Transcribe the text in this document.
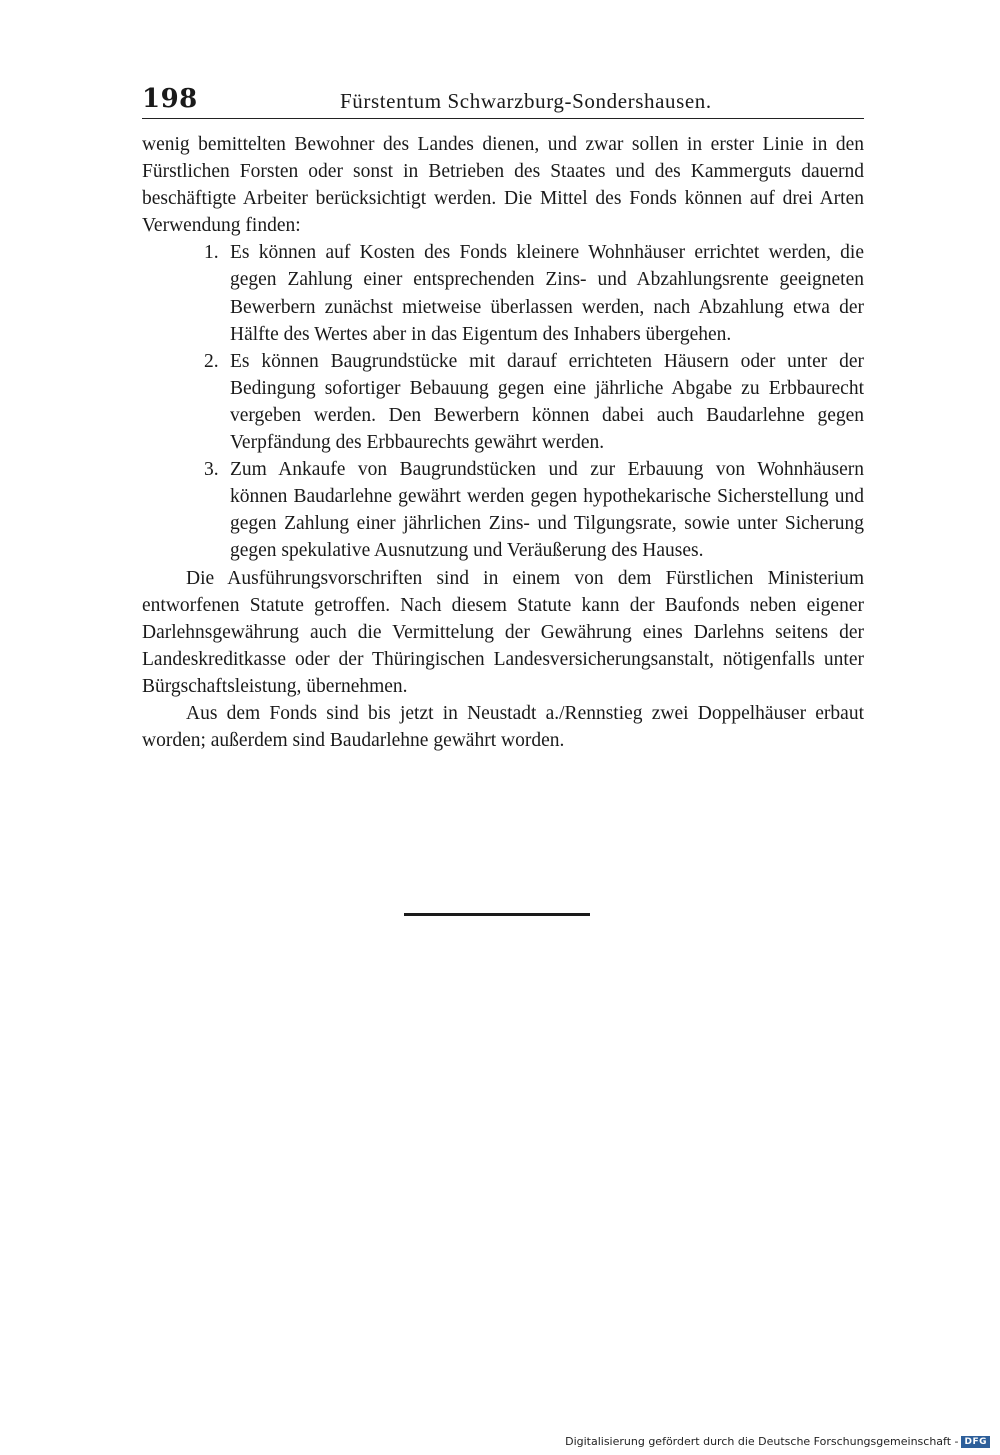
198	Fürstentum Schwarzburg-Sondershausen.

wenig bemittelten Bewohner des Landes dienen, und zwar sollen in erster Linie in den Fürstlichen Forsten oder sonst in Betrieben des Staates und des Kammerguts dauernd beschäftigte Arbeiter berücksichtigt werden. Die Mittel des Fonds können auf drei Arten Verwendung finden:

1. Es können auf Kosten des Fonds kleinere Wohnhäuser errichtet werden, die gegen Zahlung einer entsprechenden Zins- und Abzahlungsrente geeigneten Bewerbern zunächst mietweise überlassen werden, nach Abzahlung etwa der Hälfte des Wertes aber in das Eigentum des Inhabers übergehen.
2. Es können Baugrundstücke mit darauf errichteten Häusern oder unter der Bedingung sofortiger Bebauung gegen eine jährliche Abgabe zu Erbbaurecht vergeben werden. Den Bewerbern können dabei auch Baudarlehne gegen Verpfändung des Erbbaurechts gewährt werden.
3. Zum Ankaufe von Baugrundstücken und zur Erbauung von Wohnhäusern können Baudarlehne gewährt werden gegen hypothekarische Sicherstellung und gegen Zahlung einer jährlichen Zins- und Tilgungsrate, sowie unter Sicherung gegen spekulative Ausnutzung und Veräußerung des Hauses.

Die Ausführungsvorschriften sind in einem von dem Fürstlichen Ministerium entworfenen Statute getroffen. Nach diesem Statute kann der Baufonds neben eigener Darlehnsgewährung auch die Vermittelung der Gewährung eines Darlehns seitens der Landeskreditkasse oder der Thüringischen Landesversicherungsanstalt, nötigenfalls unter Bürgschaftsleistung, übernehmen.

Aus dem Fonds sind bis jetzt in Neustadt a./Rennstieg zwei Doppelhäuser erbaut worden; außerdem sind Baudarlehne gewährt worden.

Digitalisierung gefördert durch die Deutsche Forschungsgemeinschaft - DFG
